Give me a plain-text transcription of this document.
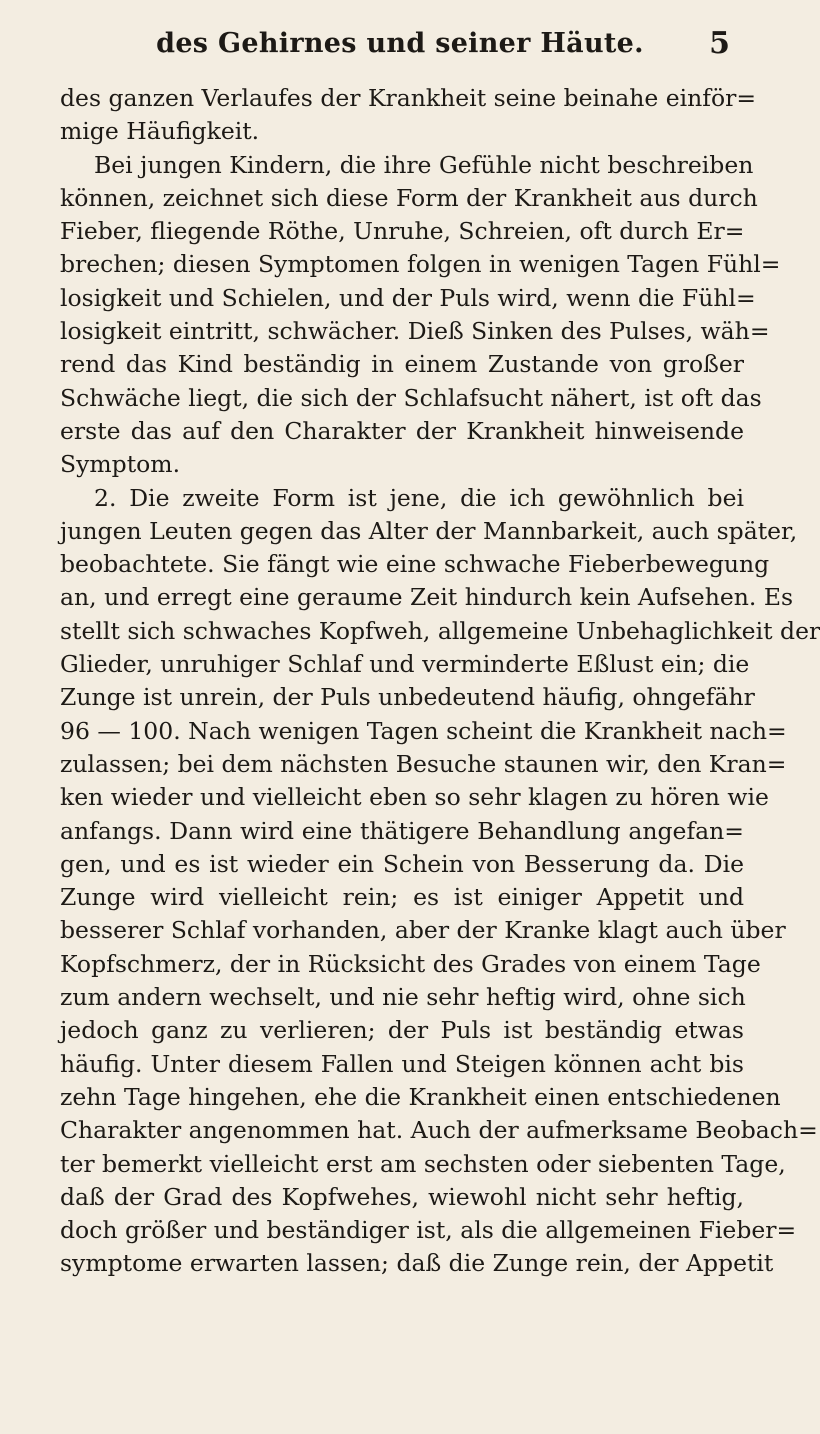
des Gehirnes und seiner Häute.	5
des ganzen Verlaufes der Krankheit seine beinahe einför=
mige Häufigkeit.
Bei jungen Kindern, die ihre Gefühle nicht beschreiben
können, zeichnet sich diese Form der Krankheit aus durch
Fieber, fliegende Röthe, Unruhe, Schreien, oft durch Er=
brechen; diesen Symptomen folgen in wenigen Tagen Fühl=
losigkeit und Schielen, und der Puls wird, wenn die Fühl=
losigkeit eintritt, schwächer. Dieß Sinken des Pulses, wäh=
rend das Kind beständig in einem Zustande von großer
Schwäche liegt, die sich der Schlafsucht nähert, ist oft das
erste das auf den Charakter der Krankheit hinweisende
Symptom.
2. Die zweite Form ist jene, die ich gewöhnlich bei
jungen Leuten gegen das Alter der Mannbarkeit, auch später,
beobachtete. Sie fängt wie eine schwache Fieberbewegung
an, und erregt eine geraume Zeit hindurch kein Aufsehen. Es
stellt sich schwaches Kopfweh, allgemeine Unbehaglichkeit der
Glieder, unruhiger Schlaf und verminderte Eßlust ein; die
Zunge ist unrein, der Puls unbedeutend häufig, ohngefähr
96 — 100. Nach wenigen Tagen scheint die Krankheit nach=
zulassen; bei dem nächsten Besuche staunen wir, den Kran=
ken wieder und vielleicht eben so sehr klagen zu hören wie
anfangs. Dann wird eine thätigere Behandlung angefan=
gen, und es ist wieder ein Schein von Besserung da. Die
Zunge wird vielleicht rein; es ist einiger Appetit und
besserer Schlaf vorhanden, aber der Kranke klagt auch über
Kopfschmerz, der in Rücksicht des Grades von einem Tage
zum andern wechselt, und nie sehr heftig wird, ohne sich
jedoch ganz zu verlieren; der Puls ist beständig etwas
häufig. Unter diesem Fallen und Steigen können acht bis
zehn Tage hingehen, ehe die Krankheit einen entschiedenen
Charakter angenommen hat. Auch der aufmerksame Beobach=
ter bemerkt vielleicht erst am sechsten oder siebenten Tage,
daß der Grad des Kopfwehes, wiewohl nicht sehr heftig,
doch größer und beständiger ist, als die allgemeinen Fieber=
symptome erwarten lassen; daß die Zunge rein, der Appetit
